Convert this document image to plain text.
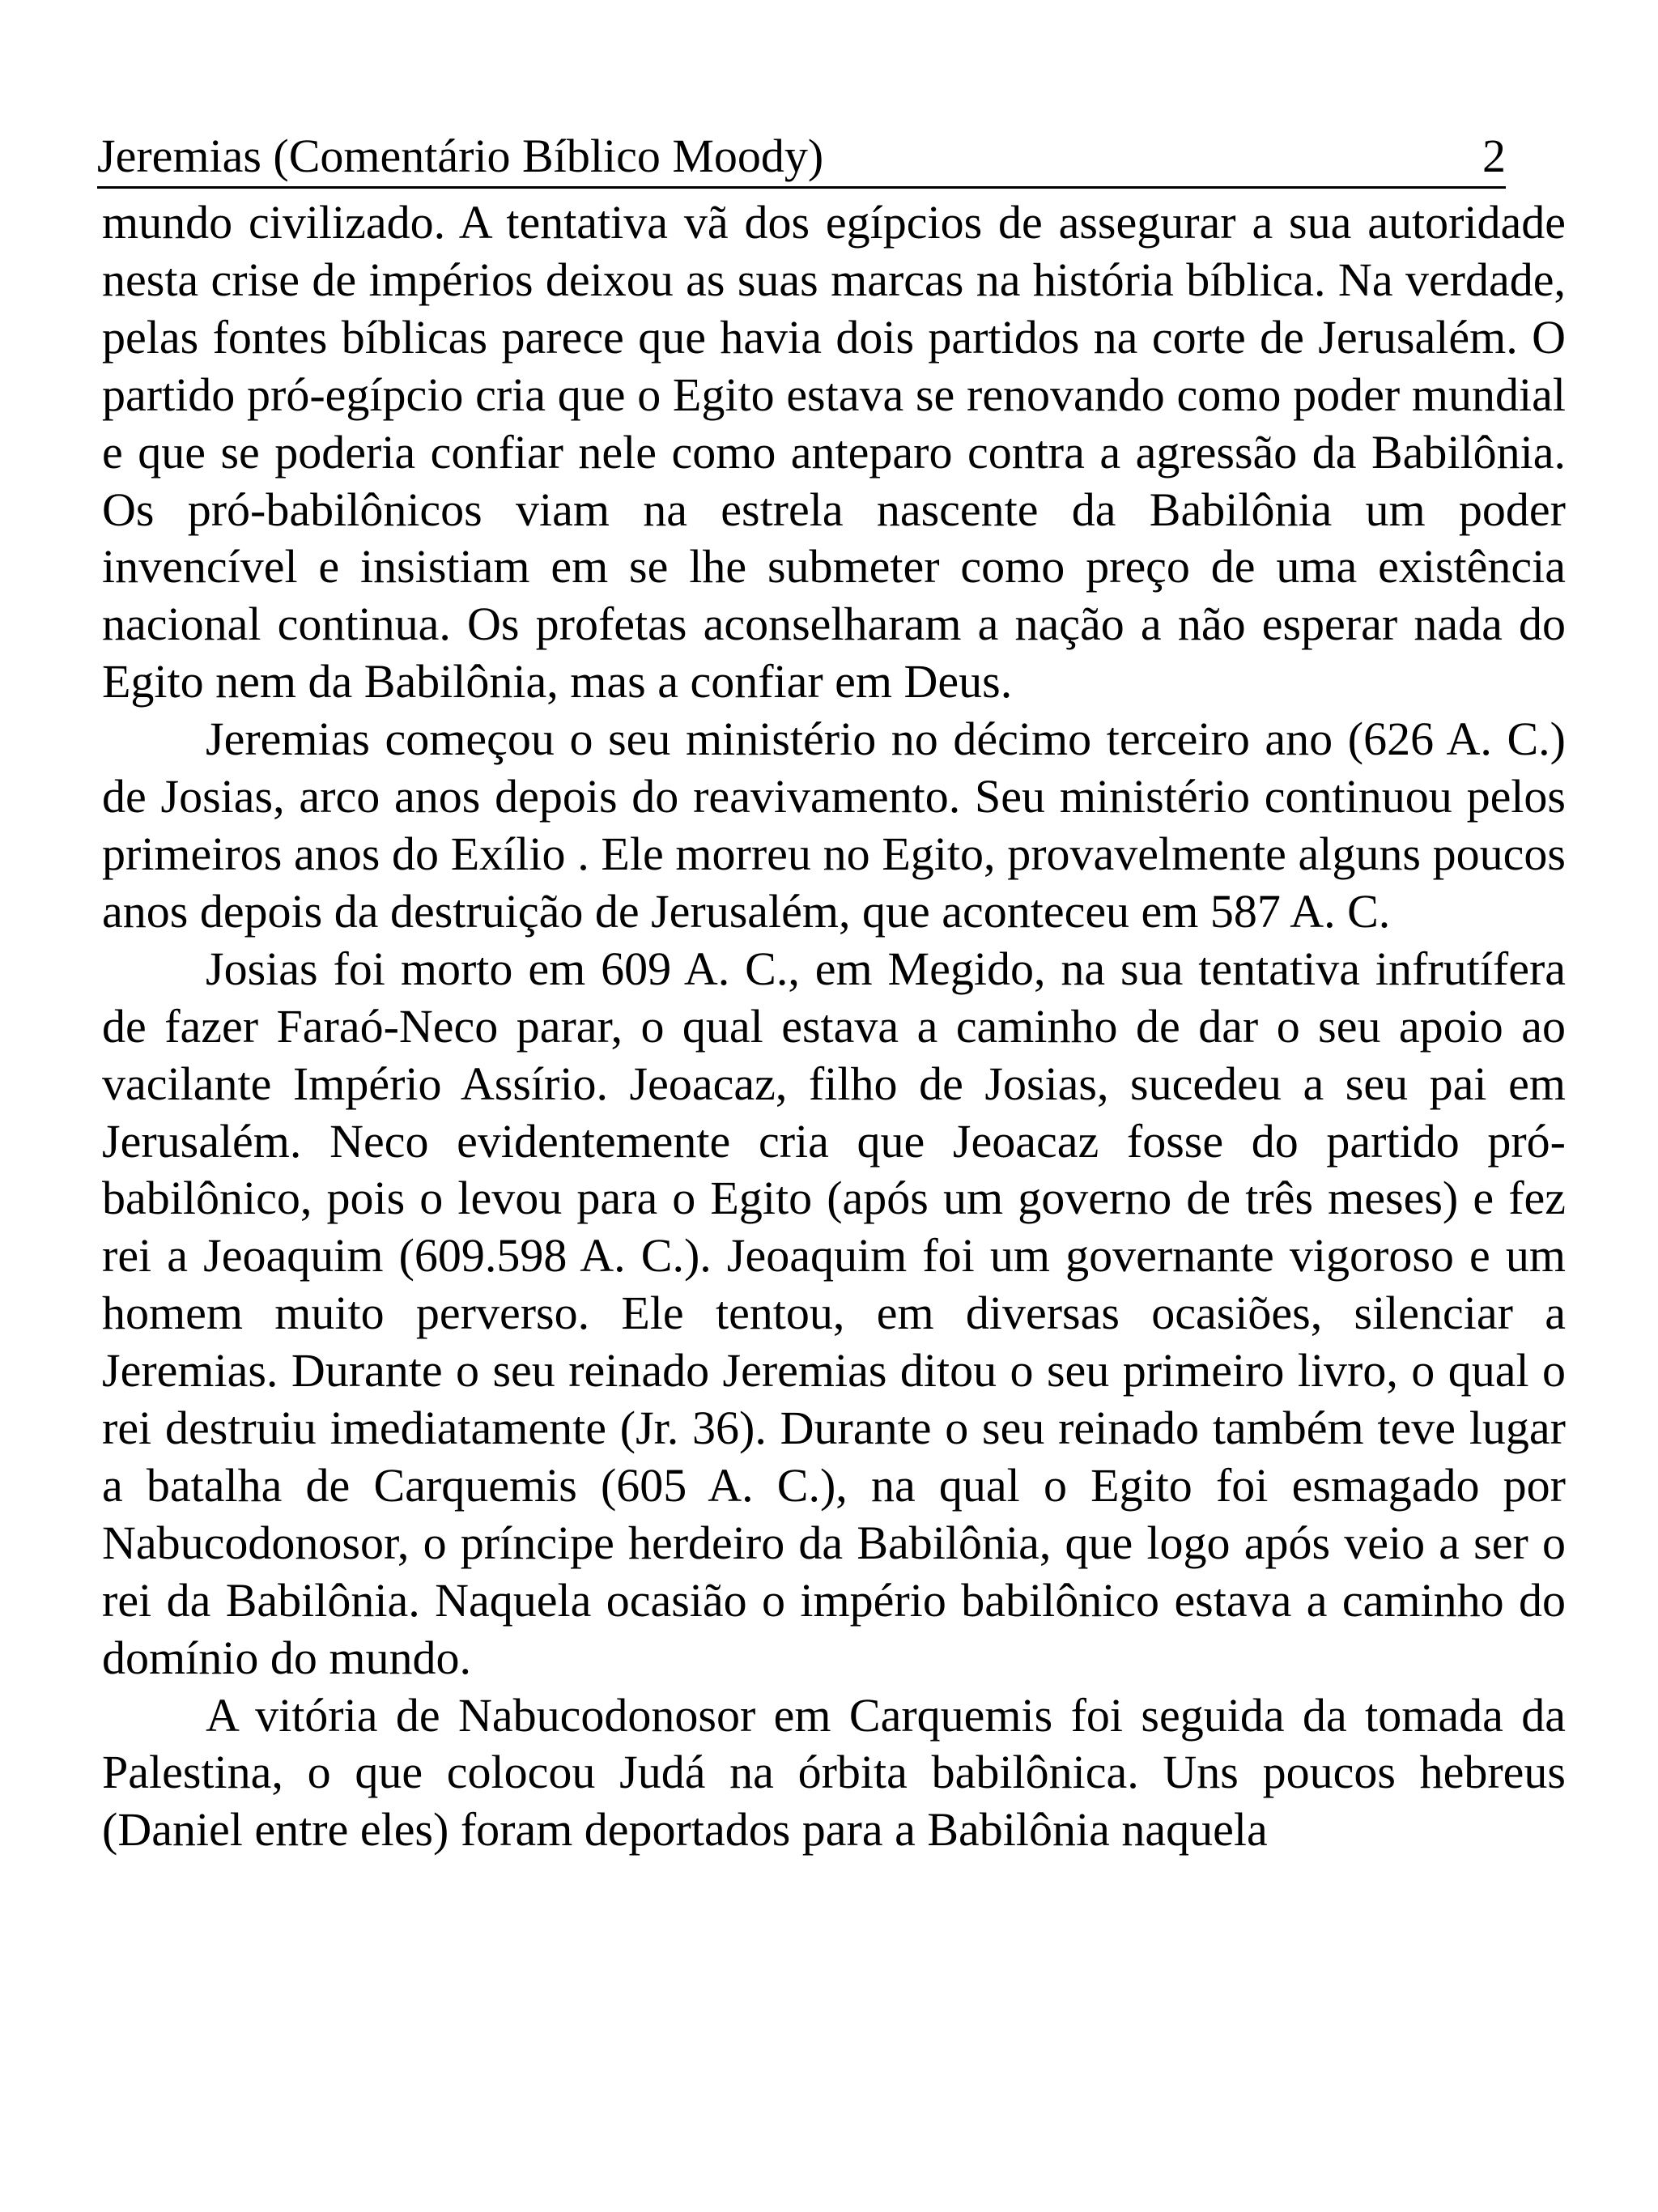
Jeremias (Comentário Bíblico Moody)	2

mundo civilizado. A tentativa vã dos egípcios de assegurar a sua autoridade nesta crise de impérios deixou as suas marcas na história bíblica. Na verdade, pelas fontes bíblicas parece que havia dois partidos na corte de Jerusalém. O partido pró-egípcio cria que o Egito estava se renovando como poder mundial e que se poderia confiar nele como anteparo contra a agressão da Babilônia. Os pró-babilônicos viam na estrela nascente da Babilônia um poder invencível e insistiam em se lhe submeter como preço de uma existência nacional continua. Os profetas aconselharam a nação a não esperar nada do Egito nem da Babilônia, mas a confiar em Deus.

Jeremias começou o seu ministério no décimo terceiro ano (626 A. C.) de Josias, arco anos depois do reavivamento. Seu ministério continuou pelos primeiros anos do Exílio . Ele morreu no Egito, provavelmente alguns poucos anos depois da destruição de Jerusalém, que aconteceu em 587 A. C.

Josias foi morto em 609 A. C., em Megido, na sua tentativa infrutífera de fazer Faraó-Neco parar, o qual estava a caminho de dar o seu apoio ao vacilante Império Assírio. Jeoacaz, filho de Josias, sucedeu a seu pai em Jerusalém. Neco evidentemente cria que Jeoacaz fosse do partido pró-babilônico, pois o levou para o Egito (após um governo de três meses) e fez rei a Jeoaquim (609.598 A. C.). Jeoaquim foi um governante vigoroso e um homem muito perverso. Ele tentou, em diversas ocasiões, silenciar a Jeremias. Durante o seu reinado Jeremias ditou o seu primeiro livro, o qual o rei destruiu imediatamente (Jr. 36). Durante o seu reinado também teve lugar a batalha de Carquemis (605 A. C.), na qual o Egito foi esmagado por Nabucodonosor, o príncipe herdeiro da Babilônia, que logo após veio a ser o rei da Babilônia. Naquela ocasião o império babilônico estava a caminho do domínio do mundo.

A vitória de Nabucodonosor em Carquemis foi seguida da tomada da Palestina, o que colocou Judá na órbita babilônica. Uns poucos hebreus (Daniel entre eles) foram deportados para a Babilônia naquela
